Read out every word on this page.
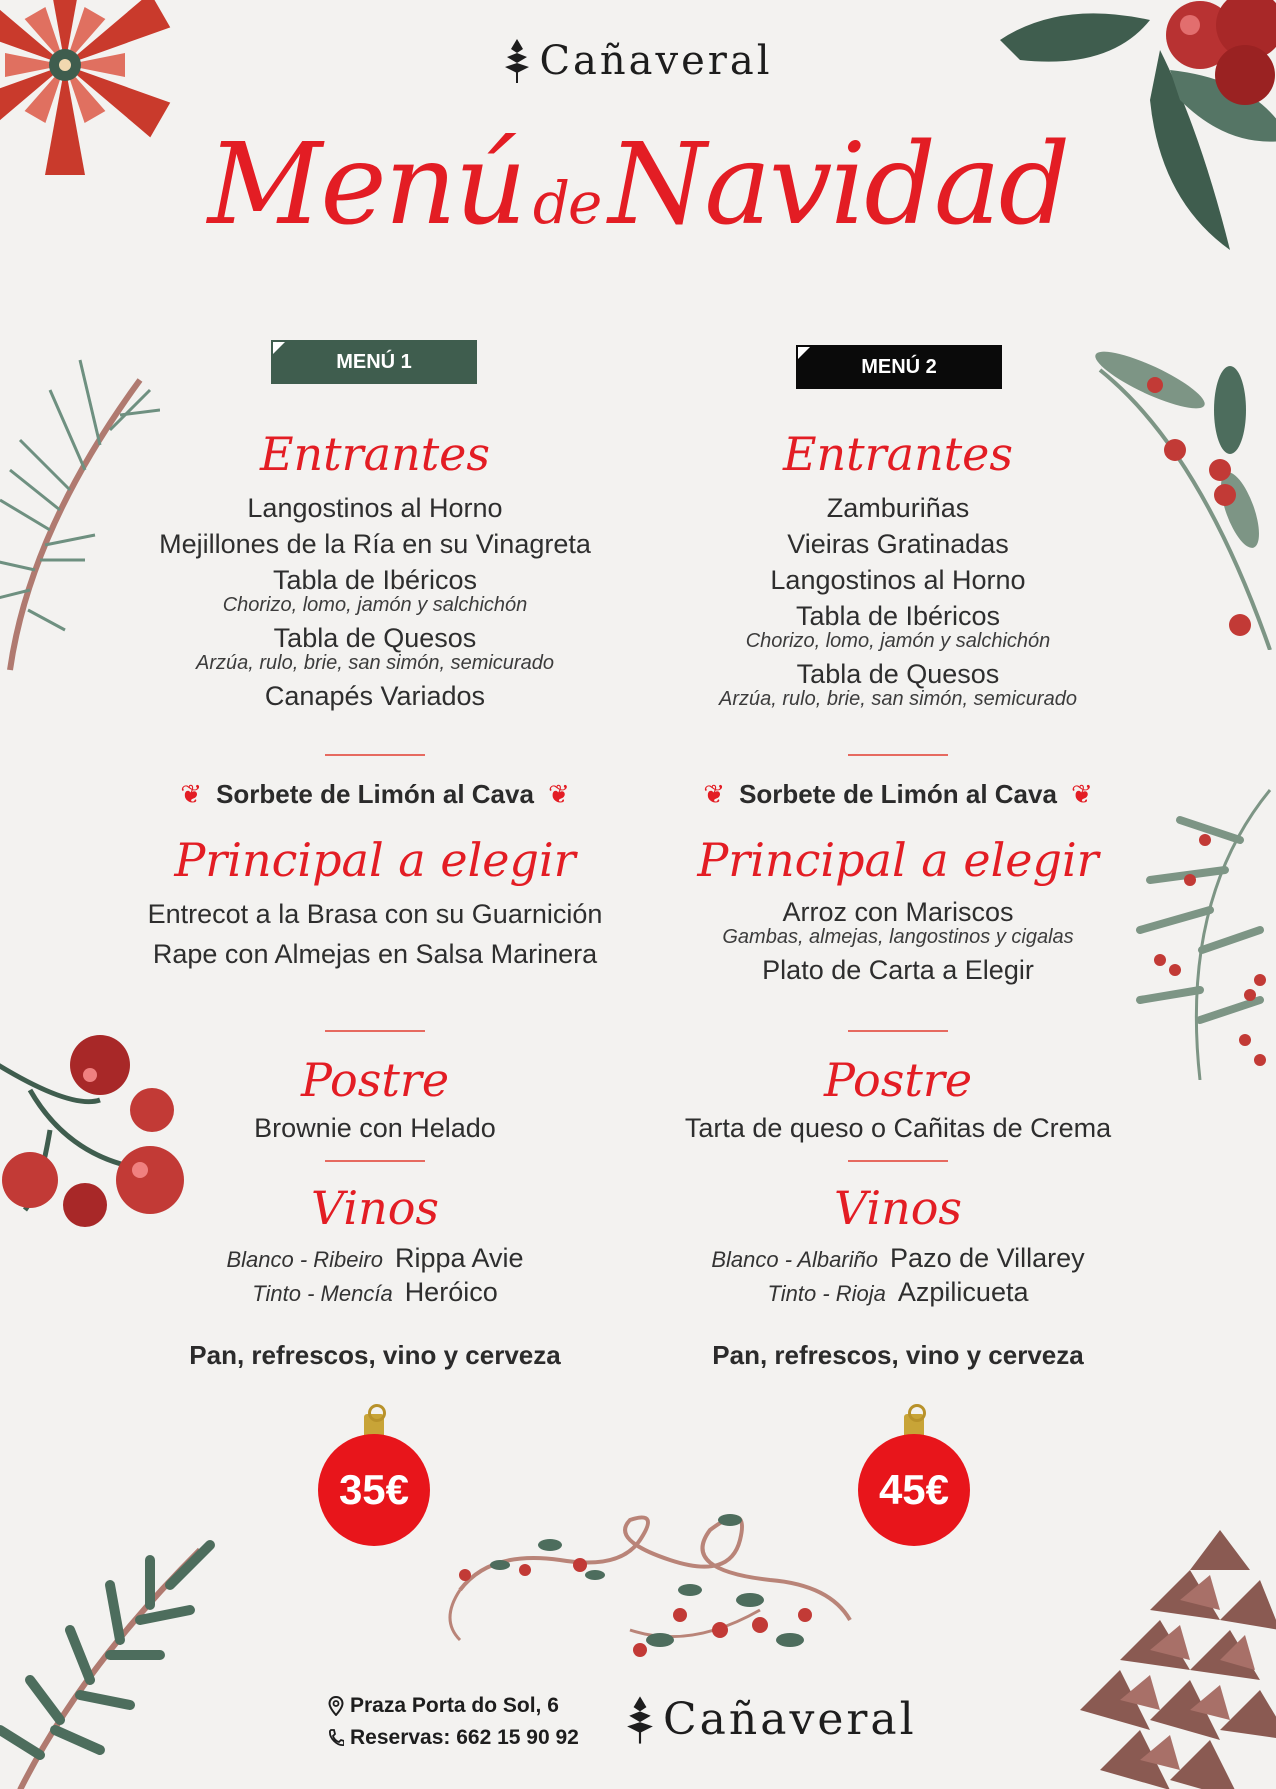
Cañaveral
Menú deNavidad
MENÚ 1	MENÚ 2
Entrantes
Langostinos al Horno
Mejillones de la Ría en su Vinagreta
Tabla de Ibéricos
Chorizo, lomo, jamón y salchichón
Tabla de Quesos
Arzúa, rulo, brie, san simón, semicurado
Canapés Variados
❦ Sorbete de Limón al Cava ❦
Principal a elegir
Entrecot a la Brasa con su Guarnición
Rape con Almejas en Salsa Marinera
Postre
Brownie con Helado
Vinos
Blanco - Ribeiro Rippa Avie
Tinto - Mencía Heróico
Pan, refrescos, vino y cerveza
Entrantes
Zamburiñas
Vieiras Gratinadas
Langostinos al Horno
Tabla de Ibéricos
Chorizo, lomo, jamón y salchichón
Tabla de Quesos
Arzúa, rulo, brie, san simón, semicurado
❦ Sorbete de Limón al Cava ❦
Principal a elegir
Arroz con Mariscos
Gambas, almejas, langostinos y cigalas
Plato de Carta a Elegir
Postre
Tarta de queso o Cañitas de Crema
Vinos
Blanco - Albariño Pazo de Villarey
Tinto - Rioja Azpilicueta
Pan, refrescos, vino y cerveza
35€	45€
Praza Porta do Sol, 6
Reservas: 662 15 90 92 Cañaveral
